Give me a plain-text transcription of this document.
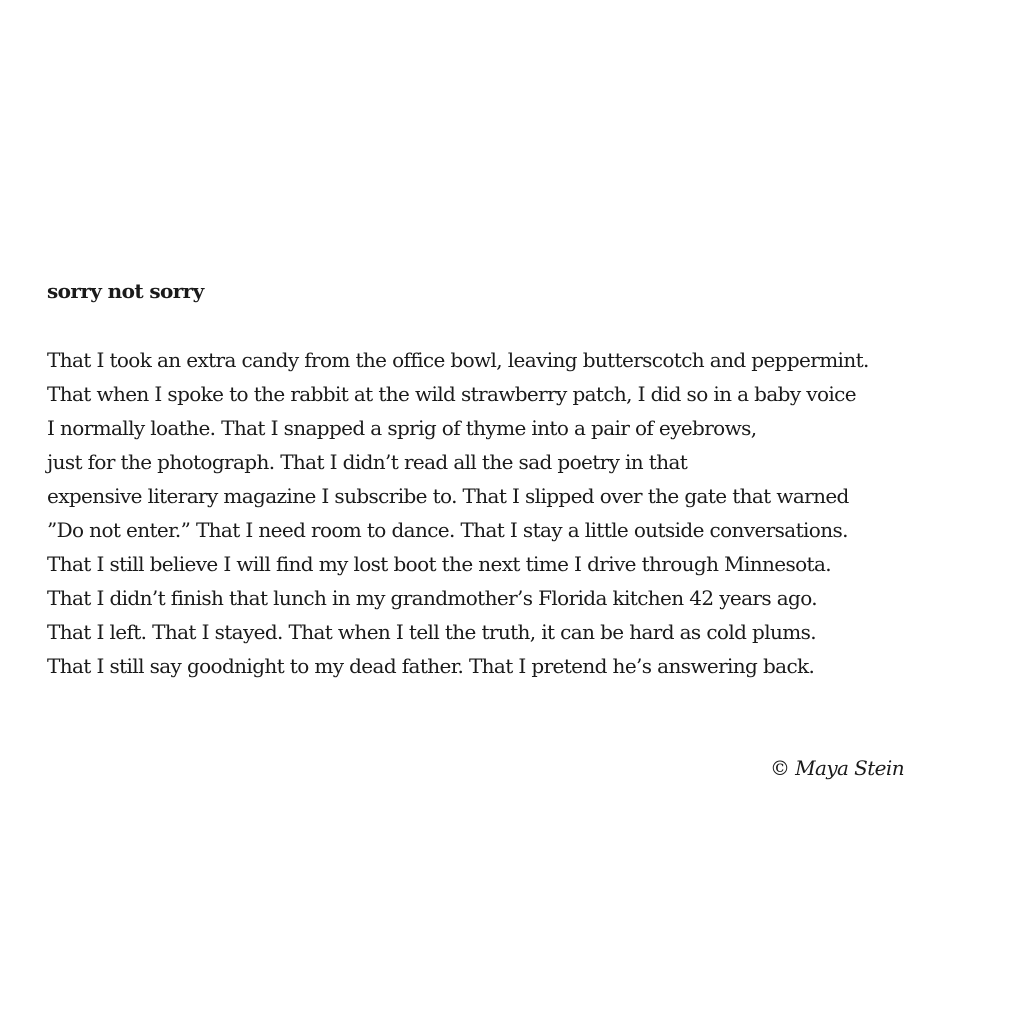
sorry not sorry
That I took an extra candy from the office bowl, leaving butterscotch and peppermint.
That when I spoke to the rabbit at the wild strawberry patch, I did so in a baby voice
I normally loathe. That I snapped a sprig of thyme into a pair of eyebrows,
just for the photograph. That I didn’t read all the sad poetry in that
expensive literary magazine I subscribe to. That I slipped over the gate that warned
”Do not enter.” That I need room to dance. That I stay a little outside conversations.
That I still believe I will find my lost boot the next time I drive through Minnesota.
That I didn’t finish that lunch in my grandmother’s Florida kitchen 42 years ago.
That I left. That I stayed. That when I tell the truth, it can be hard as cold plums.
That I still say goodnight to my dead father. That I pretend he’s answering back.
© Maya Stein
